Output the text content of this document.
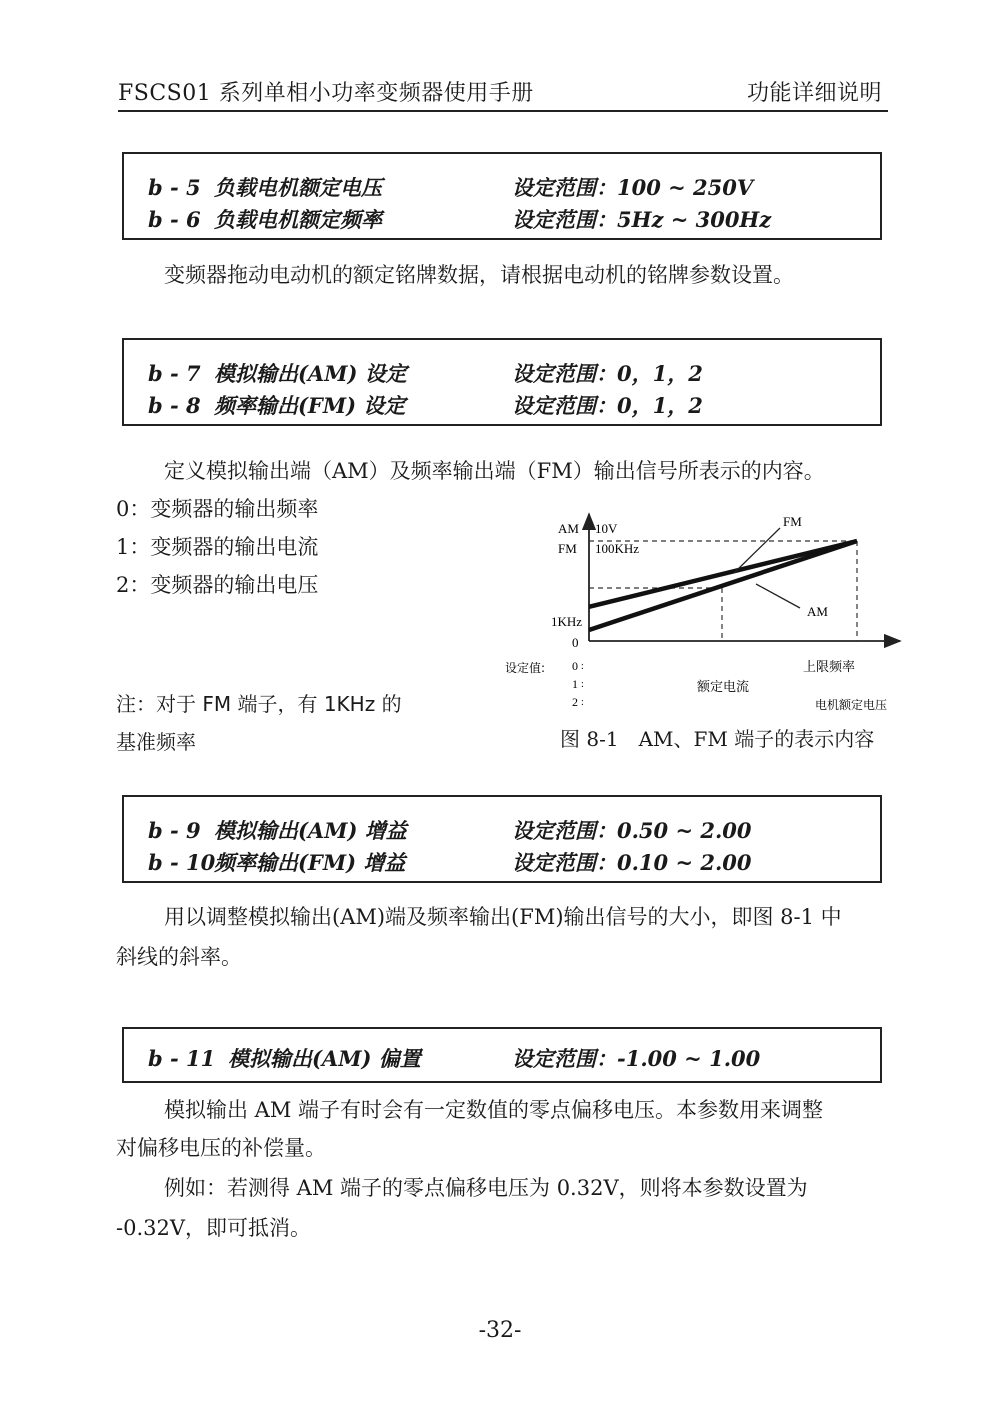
FSCS01 系列单相小功率变频器使用手册	功能详细说明
b - 5 负载电机额定电压	设定范围：100 ~ 250V
b - 6 负载电机额定频率	设定范围：5Hz ~ 300Hz
变频器拖动电动机的额定铭牌数据，请根据电动机的铭牌参数设置。
b - 7 模拟输出(AM) 设定	设定范围：0，1，2
b - 8 频率输出(FM) 设定	设定范围：0，1，2
定义模拟输出端（AM）及频率输出端（FM）输出信号所表示的内容。
0：变频器的输出频率
1：变频器的输出电流
2：变频器的输出电压
注：对于 FM 端子，有 1KHz 的
基准频率
FM
AM
AM
FM
10V
100KHz
1KHz
0
设定值: 0
1
2
:
:
:
上限频率
额定电流
电机额定电压
图 8-1　AM、FM 端子的表示内容
b - 9 模拟输出(AM) 增益	设定范围：0.50 ~ 2.00
b - 10频率输出(FM) 增益	设定范围：0.10 ~ 2.00
用以调整模拟输出(AM)端及频率输出(FM)输出信号的大小，即图 8-1 中
斜线的斜率。
b - 11 模拟输出(AM) 偏置	设定范围：-1.00 ~ 1.00
模拟输出 AM 端子有时会有一定数值的零点偏移电压。本参数用来调整
对偏移电压的补偿量。
例如：若测得 AM 端子的零点偏移电压为 0.32V，则将本参数设置为
-0.32V，即可抵消。
-32-
